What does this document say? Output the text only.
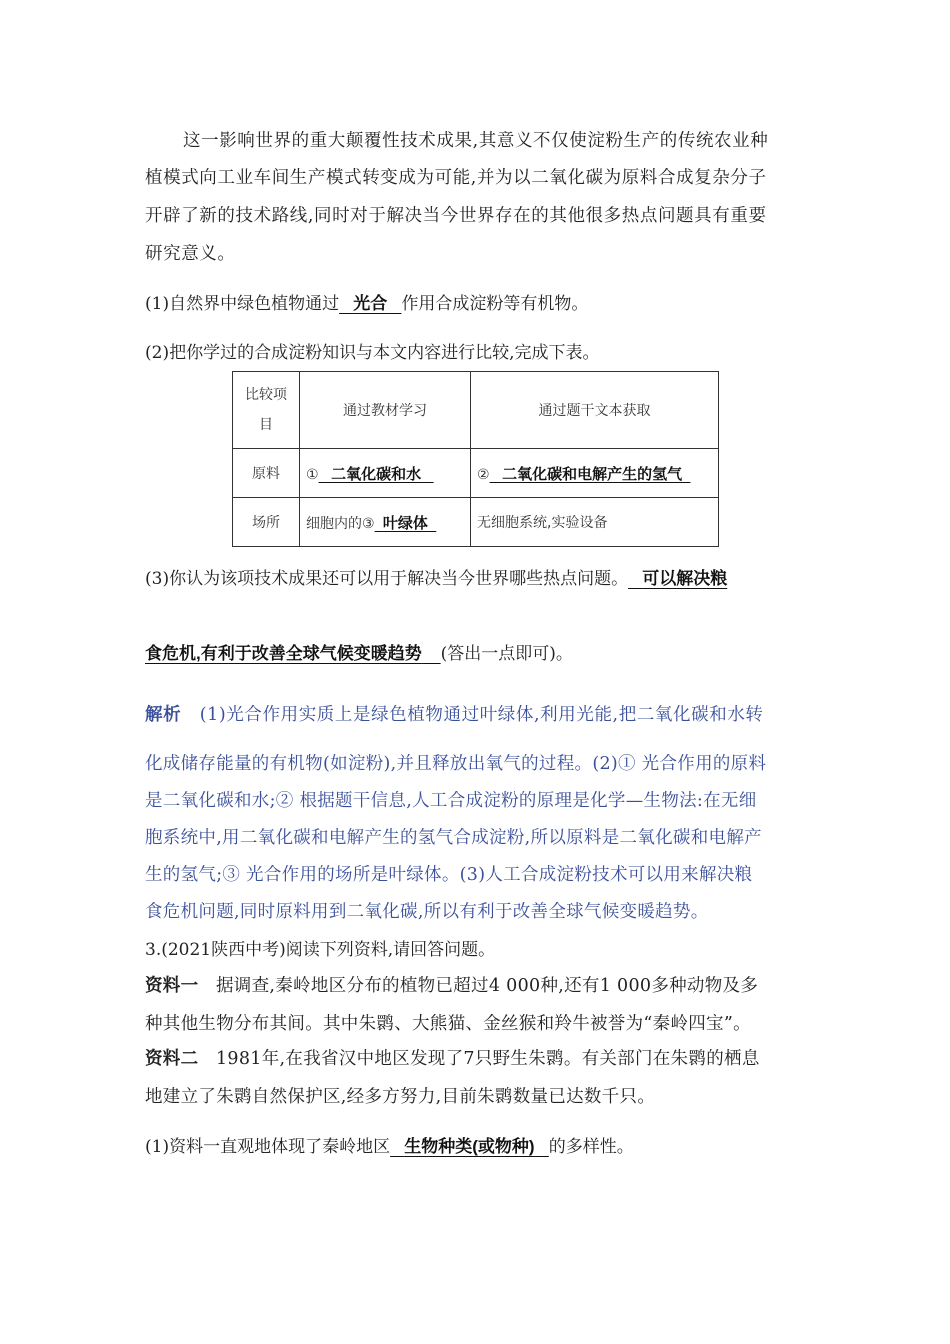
这一影响世界的重大颠覆性技术成果,其意义不仅使淀粉生产的传统农业种
植模式向工业车间生产模式转变成为可能,并为以二氧化碳为原料合成复杂分子
开辟了新的技术路线,同时对于解决当今世界存在的其他很多热点问题具有重要
研究意义。
(1)自然界中绿色植物通过 光合 作用合成淀粉等有机物。
(2)把你学过的合成淀粉知识与本文内容进行比较,完成下表。
比较项
目	通过教材学习	通过题干文本获取
原料	① 二氧化碳和水	② 二氧化碳和电解产生的氢气
场所	细胞内的③ 叶绿体	无细胞系统,实验设备
(3)你认为该项技术成果还可以用于解决当今世界哪些热点问题。 可以解决粮
食危机,有利于改善全球气候变暖趋势 (答出一点即可)。
解析 (1)光合作用实质上是绿色植物通过叶绿体,利用光能,把二氧化碳和水转
化成储存能量的有机物(如淀粉),并且释放出氧气的过程。(2)① 光合作用的原料
是二氧化碳和水;② 根据题干信息,人工合成淀粉的原理是化学—生物法:在无细
胞系统中,用二氧化碳和电解产生的氢气合成淀粉,所以原料是二氧化碳和电解产
生的氢气;③ 光合作用的场所是叶绿体。(3)人工合成淀粉技术可以用来解决粮
食危机问题,同时原料用到二氧化碳,所以有利于改善全球气候变暖趋势。
3.(2021陕西中考)阅读下列资料,请回答问题。
资料一 据调查,秦岭地区分布的植物已超过4 000种,还有1 000多种动物及多
种其他生物分布其间。其中朱鹮、大熊猫、金丝猴和羚牛被誉为“秦岭四宝”。
资料二 1981年,在我省汉中地区发现了7只野生朱鹮。有关部门在朱鹮的栖息
地建立了朱鹮自然保护区,经多方努力,目前朱鹮数量已达数千只。
(1)资料一直观地体现了秦岭地区 生物种类(或物种) 的多样性。
